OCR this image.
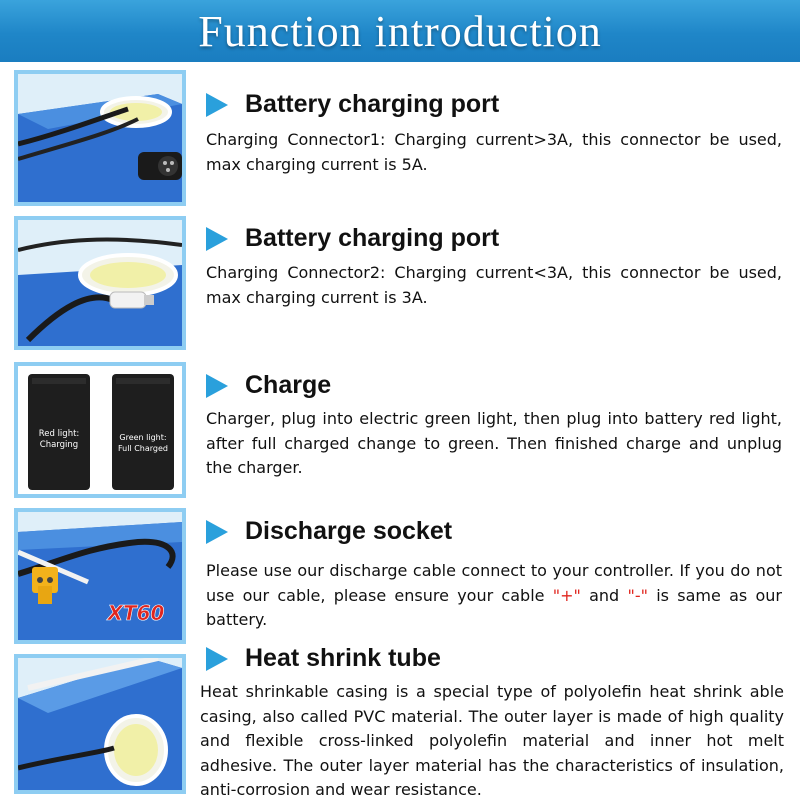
Function introduction
Battery charging port
Charging Connector1: Charging current>3A, this connector be used, max charging current is 5A.
Battery charging port
Charging Connector2: Charging current<3A, this connector be used, max charging current is 3A.
Red light:
Charging
Green light:
Full Charged
Charge
Charger, plug into electric green light, then plug into battery red light, after full charged change to green. Then finished charge and unplug the charger.
XT60
Discharge socket
Please use our discharge cable connect to your controller. If you do not use our cable, please ensure your cable "+" and "-" is same as our battery.
Heat shrink tube
Heat shrinkable casing is a special type of polyolefin heat shrink able casing, also called PVC material. The outer layer is made of high quality and flexible cross-linked polyolefin material and inner hot melt adhesive. The outer layer material has the characteristics of insulation, anti-corrosion and wear resistance.
